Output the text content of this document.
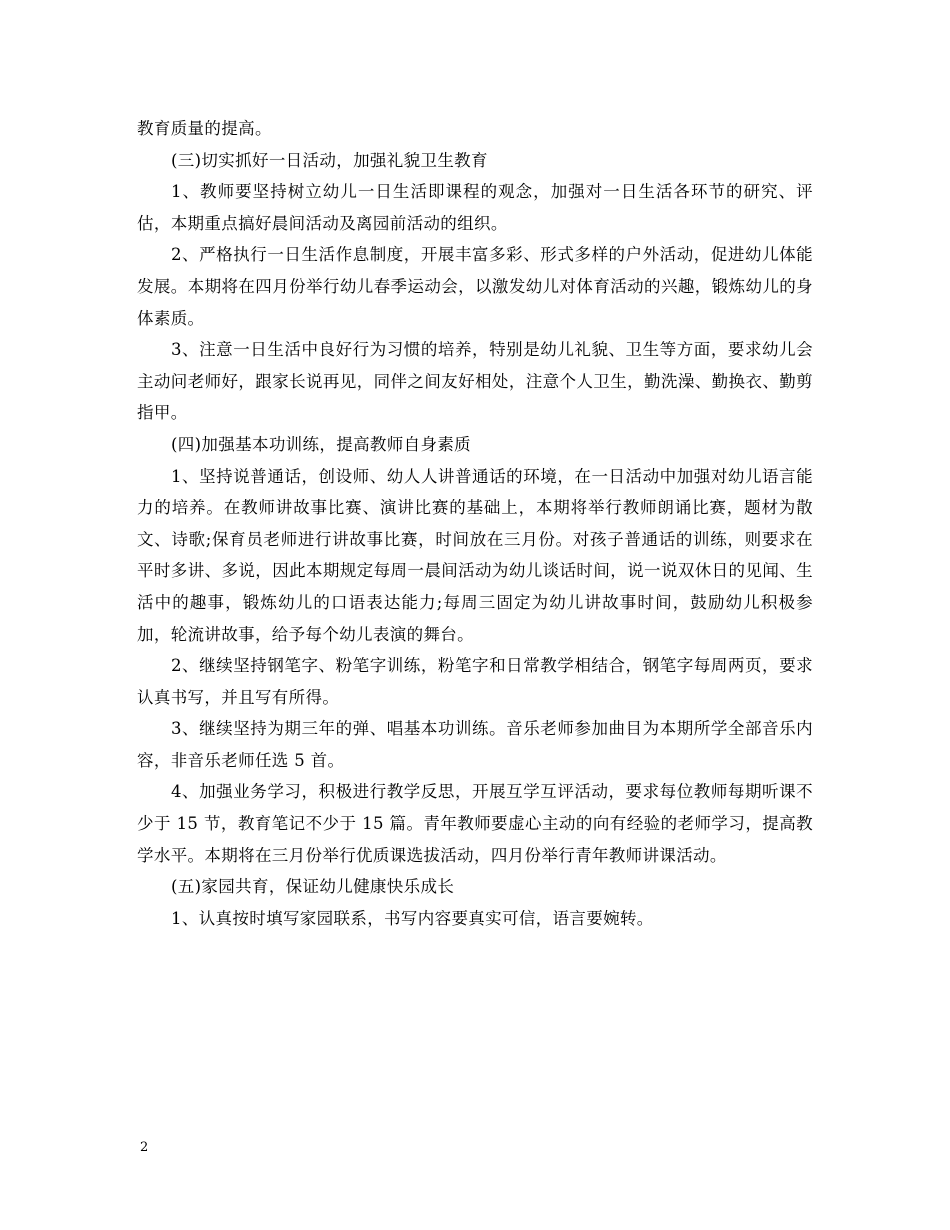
教育质量的提高。

(三)切实抓好一日活动，加强礼貌卫生教育

1、教师要坚持树立幼儿一日生活即课程的观念，加强对一日生活各环节的研究、评估，本期重点搞好晨间活动及离园前活动的组织。

2、严格执行一日生活作息制度，开展丰富多彩、形式多样的户外活动，促进幼儿体能发展。本期将在四月份举行幼儿春季运动会，以激发幼儿对体育活动的兴趣，锻炼幼儿的身体素质。

3、注意一日生活中良好行为习惯的培养，特别是幼儿礼貌、卫生等方面，要求幼儿会主动问老师好，跟家长说再见，同伴之间友好相处，注意个人卫生，勤洗澡、勤换衣、勤剪指甲。

(四)加强基本功训练，提高教师自身素质

1、坚持说普通话，创设师、幼人人讲普通话的环境，在一日活动中加强对幼儿语言能力的培养。在教师讲故事比赛、演讲比赛的基础上，本期将举行教师朗诵比赛，题材为散文、诗歌;保育员老师进行讲故事比赛，时间放在三月份。对孩子普通话的训练，则要求在平时多讲、多说，因此本期规定每周一晨间活动为幼儿谈话时间，说一说双休日的见闻、生活中的趣事，锻炼幼儿的口语表达能力;每周三固定为幼儿讲故事时间，鼓励幼儿积极参加，轮流讲故事，给予每个幼儿表演的舞台。

2、继续坚持钢笔字、粉笔字训练，粉笔字和日常教学相结合，钢笔字每周两页，要求认真书写，并且写有所得。

3、继续坚持为期三年的弹、唱基本功训练。音乐老师参加曲目为本期所学全部音乐内容，非音乐老师任选 5 首。

4、加强业务学习，积极进行教学反思，开展互学互评活动，要求每位教师每期听课不少于 15 节，教育笔记不少于 15 篇。青年教师要虚心主动的向有经验的老师学习，提高教学水平。本期将在三月份举行优质课选拔活动，四月份举行青年教师讲课活动。

(五)家园共育，保证幼儿健康快乐成长

1、认真按时填写家园联系，书写内容要真实可信，语言要婉转。

2
